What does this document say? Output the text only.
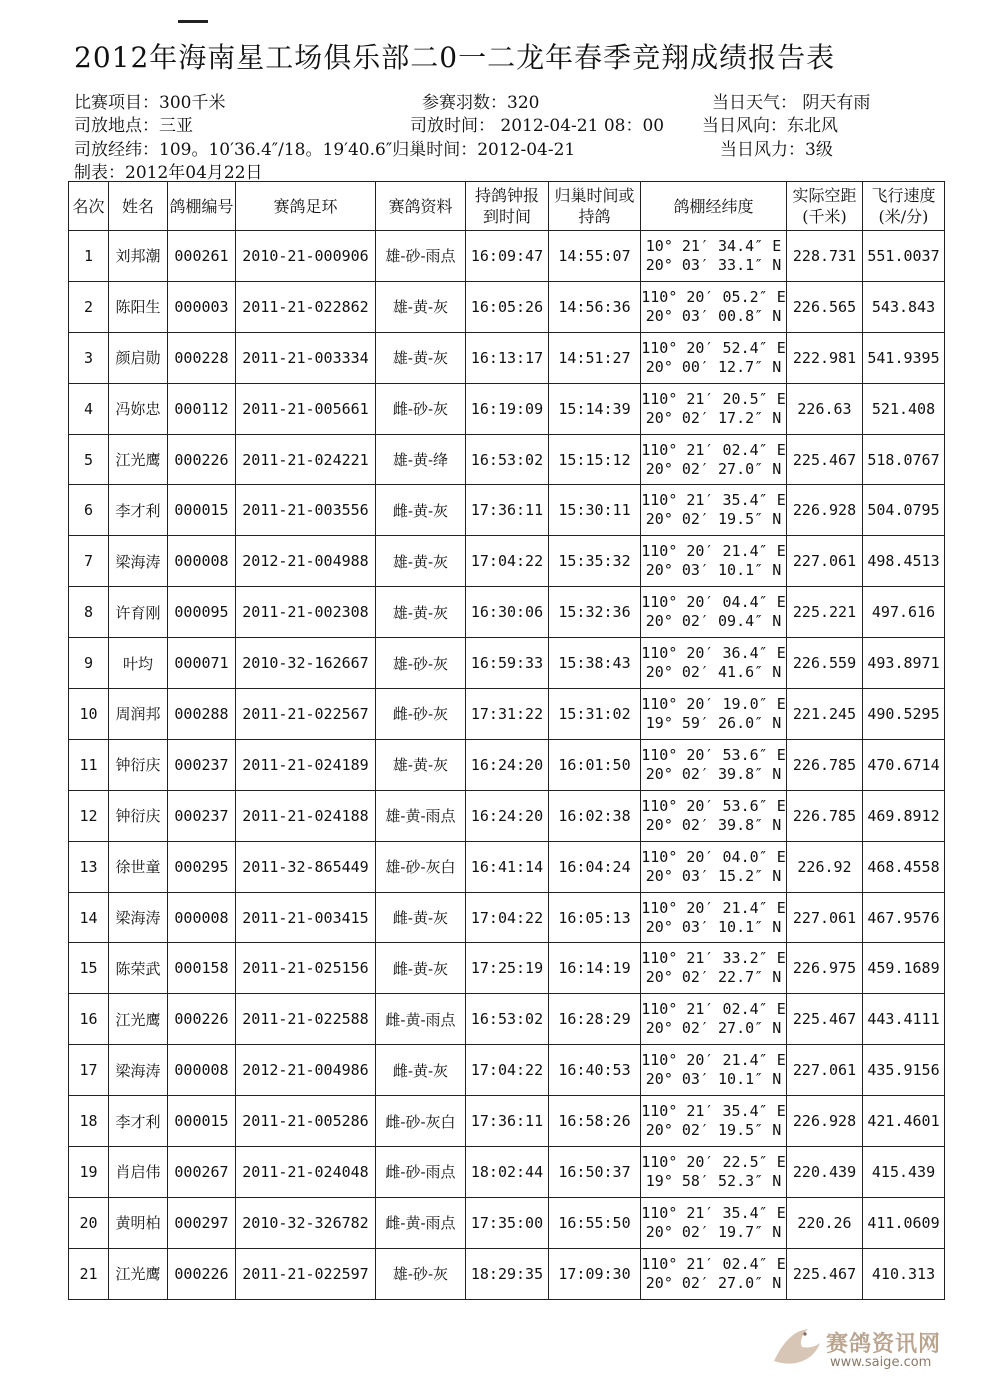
2012年海南星工场俱乐部二0一二龙年春季竞翔成绩报告表
比赛项目：300千米	参赛羽数：320	当日天气： 阴天有雨
司放地点：三亚	司放时间： 2012-04-21 08：00 当日风向：东北风
司放经纬：109。10′36.4″/18。19′40.6″归巢时间：2012-04-21	当日风力：3级
制表：2012年04月22日
名次	姓名	鸽棚编号	赛鸽足环	赛鸽资料	持鸽钟报
到时间	归巢时间或
持鸽	鸽棚经纬度	实际空距
(千米)	飞行速度
(米/分)

1	刘邦潮	000261	2010-21-000906	雄-砂-雨点	16:09:47	14:55:07	10° 21′ 34.4″ E
20° 03′ 33.1″ N	228.731	551.0037
2	陈阳生	000003	2011-21-022862	雄-黄-灰	16:05:26	14:56:36	110° 20′ 05.2″ E
20° 03′ 00.8″ N	226.565	543.843
3	颜启勋	000228	2011-21-003334	雄-黄-灰	16:13:17	14:51:27	110° 20′ 52.4″ E
20° 00′ 12.7″ N	222.981	541.9395
4	冯妳忠	000112	2011-21-005661	雌-砂-灰	16:19:09	15:14:39	110° 21′ 20.5″ E
20° 02′ 17.2″ N	226.63	521.408
5	江光鹰	000226	2011-21-024221	雄-黄-绛	16:53:02	15:15:12	110° 21′ 02.4″ E
20° 02′ 27.0″ N	225.467	518.0767
6	李才利	000015	2011-21-003556	雌-黄-灰	17:36:11	15:30:11	110° 21′ 35.4″ E
20° 02′ 19.5″ N	226.928	504.0795
7	梁海涛	000008	2012-21-004988	雄-黄-灰	17:04:22	15:35:32	110° 20′ 21.4″ E
20° 03′ 10.1″ N	227.061	498.4513
8	许育刚	000095	2011-21-002308	雄-黄-灰	16:30:06	15:32:36	110° 20′ 04.4″ E
20° 02′ 09.4″ N	225.221	497.616
9	叶均	000071	2010-32-162667	雄-砂-灰	16:59:33	15:38:43	110° 20′ 36.4″ E
20° 02′ 41.6″ N	226.559	493.8971
10	周润邦	000288	2011-21-022567	雌-砂-灰	17:31:22	15:31:02	110° 20′ 19.0″ E
19° 59′ 26.0″ N	221.245	490.5295
11	钟衍庆	000237	2011-21-024189	雄-黄-灰	16:24:20	16:01:50	110° 20′ 53.6″ E
20° 02′ 39.8″ N	226.785	470.6714
12	钟衍庆	000237	2011-21-024188	雄-黄-雨点	16:24:20	16:02:38	110° 20′ 53.6″ E
20° 02′ 39.8″ N	226.785	469.8912
13	徐世童	000295	2011-32-865449	雄-砂-灰白	16:41:14	16:04:24	110° 20′ 04.0″ E
20° 03′ 15.2″ N	226.92	468.4558
14	梁海涛	000008	2011-21-003415	雌-黄-灰	17:04:22	16:05:13	110° 20′ 21.4″ E
20° 03′ 10.1″ N	227.061	467.9576
15	陈荣武	000158	2011-21-025156	雌-黄-灰	17:25:19	16:14:19	110° 21′ 33.2″ E
20° 02′ 22.7″ N	226.975	459.1689
16	江光鹰	000226	2011-21-022588	雌-黄-雨点	16:53:02	16:28:29	110° 21′ 02.4″ E
20° 02′ 27.0″ N	225.467	443.4111
17	梁海涛	000008	2012-21-004986	雌-黄-灰	17:04:22	16:40:53	110° 20′ 21.4″ E
20° 03′ 10.1″ N	227.061	435.9156
18	李才利	000015	2011-21-005286	雌-砂-灰白	17:36:11	16:58:26	110° 21′ 35.4″ E
20° 02′ 19.5″ N	226.928	421.4601
19	肖启伟	000267	2011-21-024048	雌-砂-雨点	18:02:44	16:50:37	110° 20′ 22.5″ E
19° 58′ 52.3″ N	220.439	415.439
20	黄明柏	000297	2010-32-326782	雌-黄-雨点	17:35:00	16:55:50	110° 21′ 35.4″ E
20° 02′ 19.7″ N	220.26	411.0609
21	江光鹰	000226	2011-21-022597	雄-砂-灰	18:29:35	17:09:30	110° 21′ 02.4″ E
20° 02′ 27.0″ N	225.467	410.313
赛鸽资讯网
www.saige.com
